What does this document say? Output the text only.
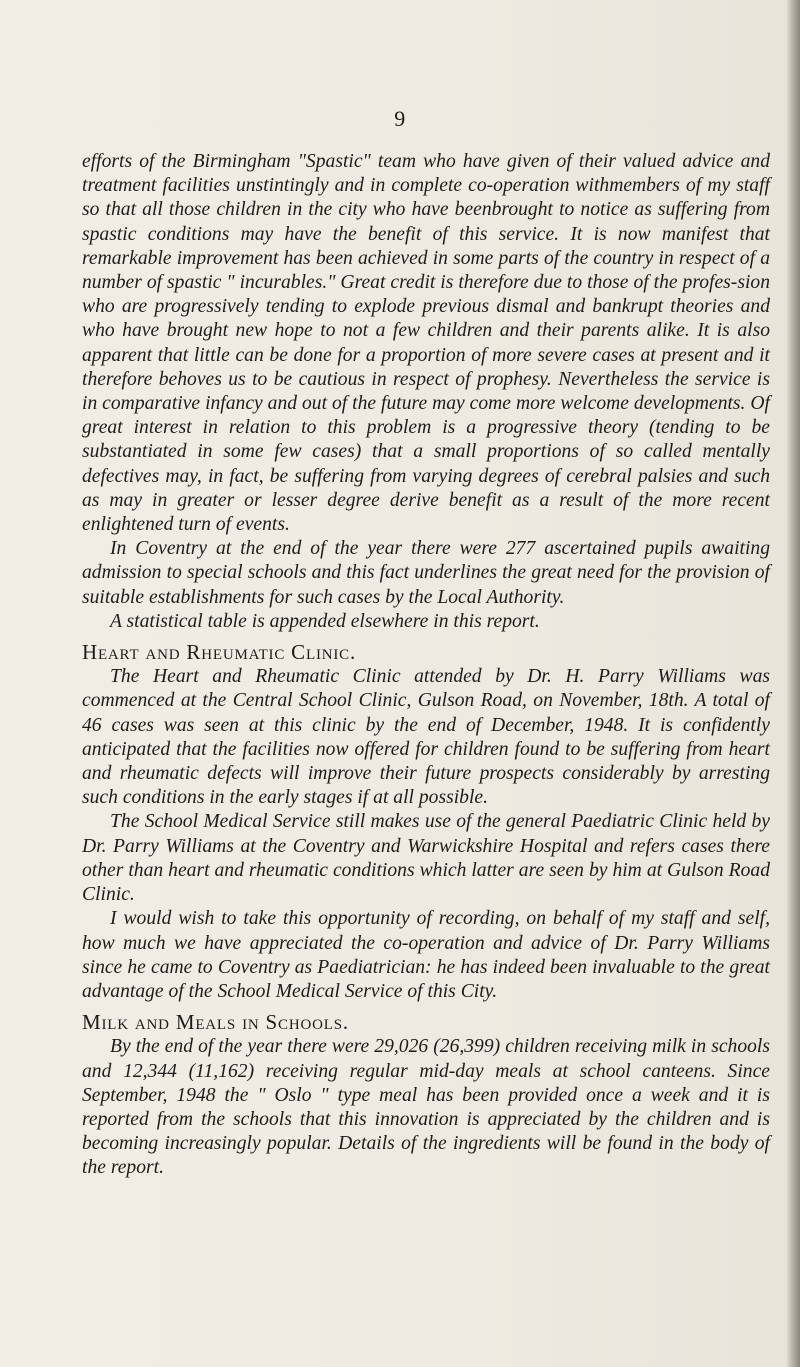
9

efforts of the Birmingham "Spastic" team who have given of their valued advice and treatment facilities unstintingly and in complete co-operation withmembers of my staff so that all those children in the city who have beenbrought to notice as suffering from spastic conditions may have the benefit of this service. It is now manifest that remarkable improvement has been achieved in some parts of the country in respect of a number of spastic " incurables." Great credit is therefore due to those of the profes-sion who are progressively tending to explode previous dismal and bankrupt theories and who have brought new hope to not a few children and their parents alike. It is also apparent that little can be done for a proportion of more severe cases at present and it therefore behoves us to be cautious in respect of prophesy. Nevertheless the service is in comparative infancy and out of the future may come more welcome developments. Of great interest in relation to this problem is a progressive theory (tending to be substantiated in some few cases) that a small proportions of so called mentally defectives may, in fact, be suffering from varying degrees of cerebral palsies and such as may in greater or lesser degree derive benefit as a result of the more recent enlightened turn of events.

In Coventry at the end of the year there were 277 ascertained pupils awaiting admission to special schools and this fact underlines the great need for the provision of suitable establishments for such cases by the Local Authority.

A statistical table is appended elsewhere in this report.

Heart and Rheumatic Clinic.

The Heart and Rheumatic Clinic attended by Dr. H. Parry Williams was commenced at the Central School Clinic, Gulson Road, on November, 18th. A total of 46 cases was seen at this clinic by the end of December, 1948. It is confidently anticipated that the facilities now offered for children found to be suffering from heart and rheumatic defects will improve their future prospects considerably by arresting such conditions in the early stages if at all possible.

The School Medical Service still makes use of the general Paediatric Clinic held by Dr. Parry Williams at the Coventry and Warwickshire Hospital and refers cases there other than heart and rheumatic conditions which latter are seen by him at Gulson Road Clinic.

I would wish to take this opportunity of recording, on behalf of my staff and self, how much we have appreciated the co-operation and advice of Dr. Parry Williams since he came to Coventry as Paediatrician: he has indeed been invaluable to the great advantage of the School Medical Service of this City.

Milk and Meals in Schools.

By the end of the year there were 29,026 (26,399) children receiving milk in schools and 12,344 (11,162) receiving regular mid-day meals at school canteens. Since September, 1948 the " Oslo " type meal has been provided once a week and it is reported from the schools that this innovation is appreciated by the children and is becoming increasingly popular. Details of the ingredients will be found in the body of the report.
